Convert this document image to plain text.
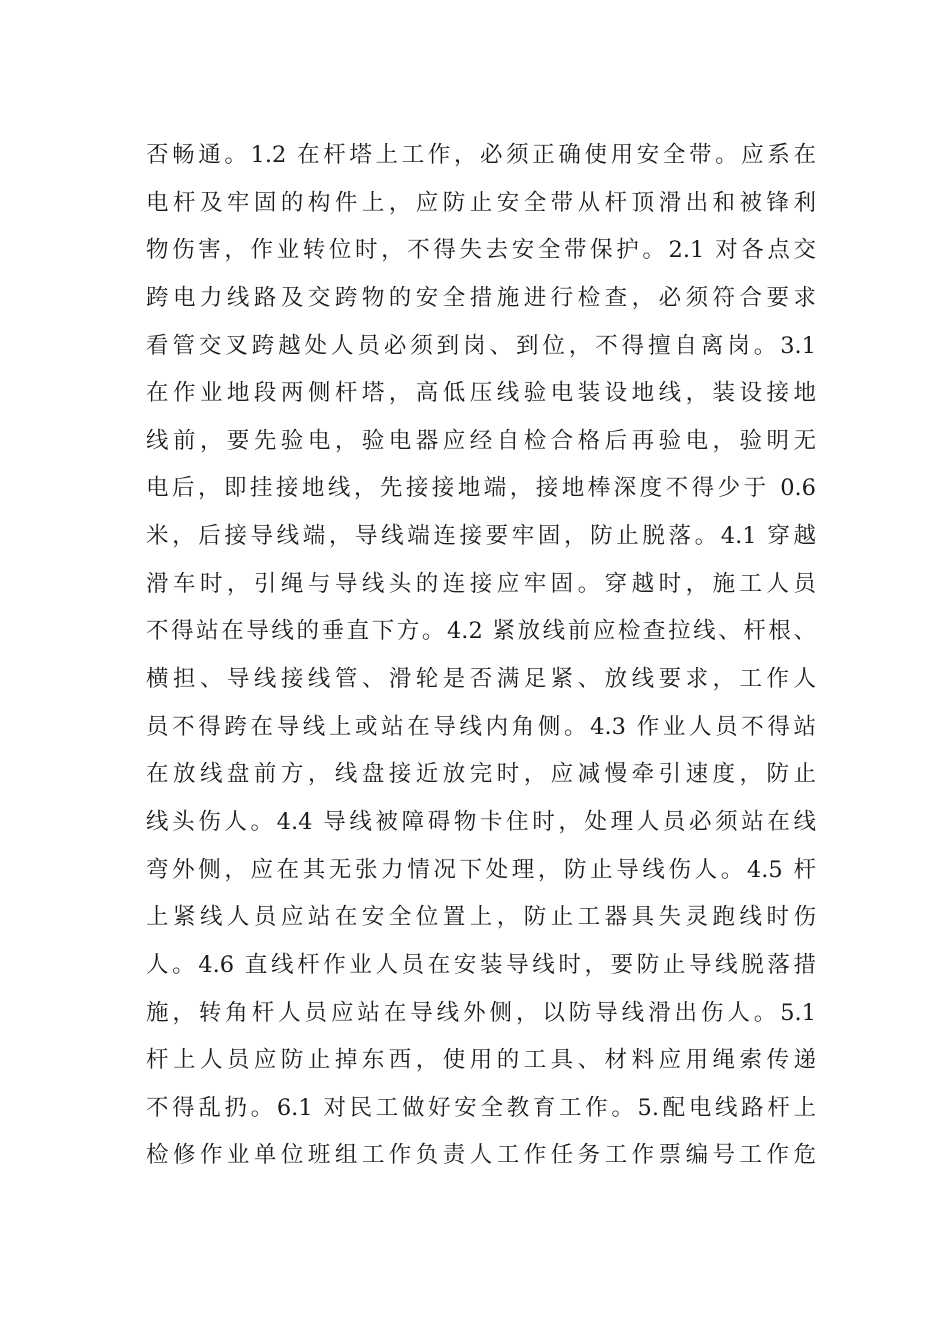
否畅通。1.2 在杆塔上工作，必须正确使用安全带。应系在
电杆及牢固的构件上，应防止安全带从杆顶滑出和被锋利
物伤害，作业转位时，不得失去安全带保护。2.1 对各点交
跨电力线路及交跨物的安全措施进行检查，必须符合要求
看管交叉跨越处人员必须到岗、到位，不得擅自离岗。3.1
在作业地段两侧杆塔，高低压线验电装设地线，装设接地
线前，要先验电，验电器应经自检合格后再验电，验明无
电后，即挂接地线，先接接地端，接地棒深度不得少于 0.6
米，后接导线端，导线端连接要牢固，防止脱落。4.1 穿越
滑车时，引绳与导线头的连接应牢固。穿越时，施工人员
不得站在导线的垂直下方。4.2 紧放线前应检查拉线、杆根、
横担、导线接线管、滑轮是否满足紧、放线要求，工作人
员不得跨在导线上或站在导线内角侧。4.3 作业人员不得站
在放线盘前方，线盘接近放完时，应减慢牵引速度，防止
线头伤人。4.4 导线被障碍物卡住时，处理人员必须站在线
弯外侧，应在其无张力情况下处理，防止导线伤人。4.5 杆
上紧线人员应站在安全位置上，防止工器具失灵跑线时伤
人。4.6 直线杆作业人员在安装导线时，要防止导线脱落措
施，转角杆人员应站在导线外侧，以防导线滑出伤人。5.1
杆上人员应防止掉东西，使用的工具、材料应用绳索传递
不得乱扔。6.1 对民工做好安全教育工作。5.配电线路杆上
检修作业单位班组工作负责人工作任务工作票编号工作危
